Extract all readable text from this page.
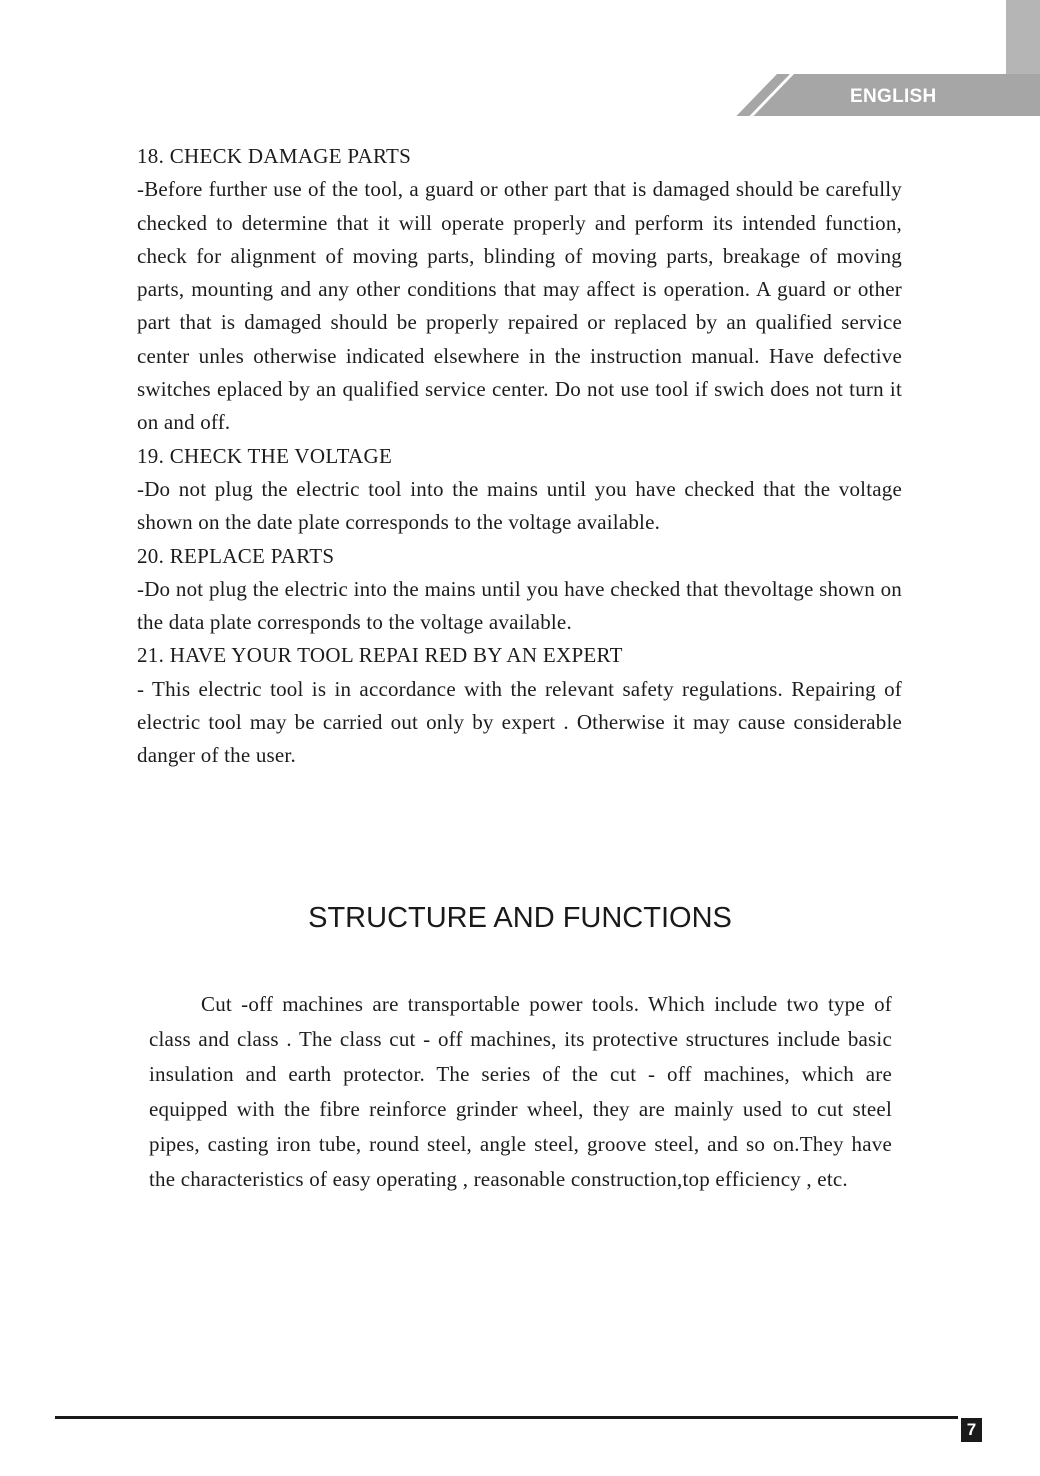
ENGLISH
18. CHECK DAMAGE PARTS

-Before further use of the tool, a guard or other part that is damaged should be carefully checked to determine that it will operate properly and perform its intended function, check for alignment of moving parts, blinding of moving parts, breakage of moving parts, mounting and any other conditions that may affect is operation. A guard or other part that is damaged should be properly repaired or replaced by an qualified service center unles otherwise indicated elsewhere in the instruction manual. Have defective switches eplaced by an qualified service center. Do not use tool if swich does not turn it on and off.

19. CHECK THE VOLTAGE

-Do not plug the electric tool into the mains until you have checked that the voltage shown on the date plate corresponds to the voltage available.

20. REPLACE PARTS

-Do not plug the electric into the mains until you have checked that thevoltage shown on the data plate corresponds to the voltage available.

21. HAVE YOUR TOOL REPAI RED BY AN EXPERT

- This electric tool is in accordance with the relevant safety regulations. Repairing of electric tool may be carried out only by expert . Otherwise it may cause considerable danger of the user.

STRUCTURE AND FUNCTIONS

Cut -off machines are transportable power tools. Which include two type of class and class . The class cut - off machines, its protective structures include basic insulation and earth protector. The series of the cut - off machines, which are equipped with the fibre reinforce grinder wheel, they are mainly used to cut steel pipes, casting iron tube, round steel, angle steel, groove steel, and so on.They have the characteristics of easy operating , reasonable construction,top efficiency , etc.

7
